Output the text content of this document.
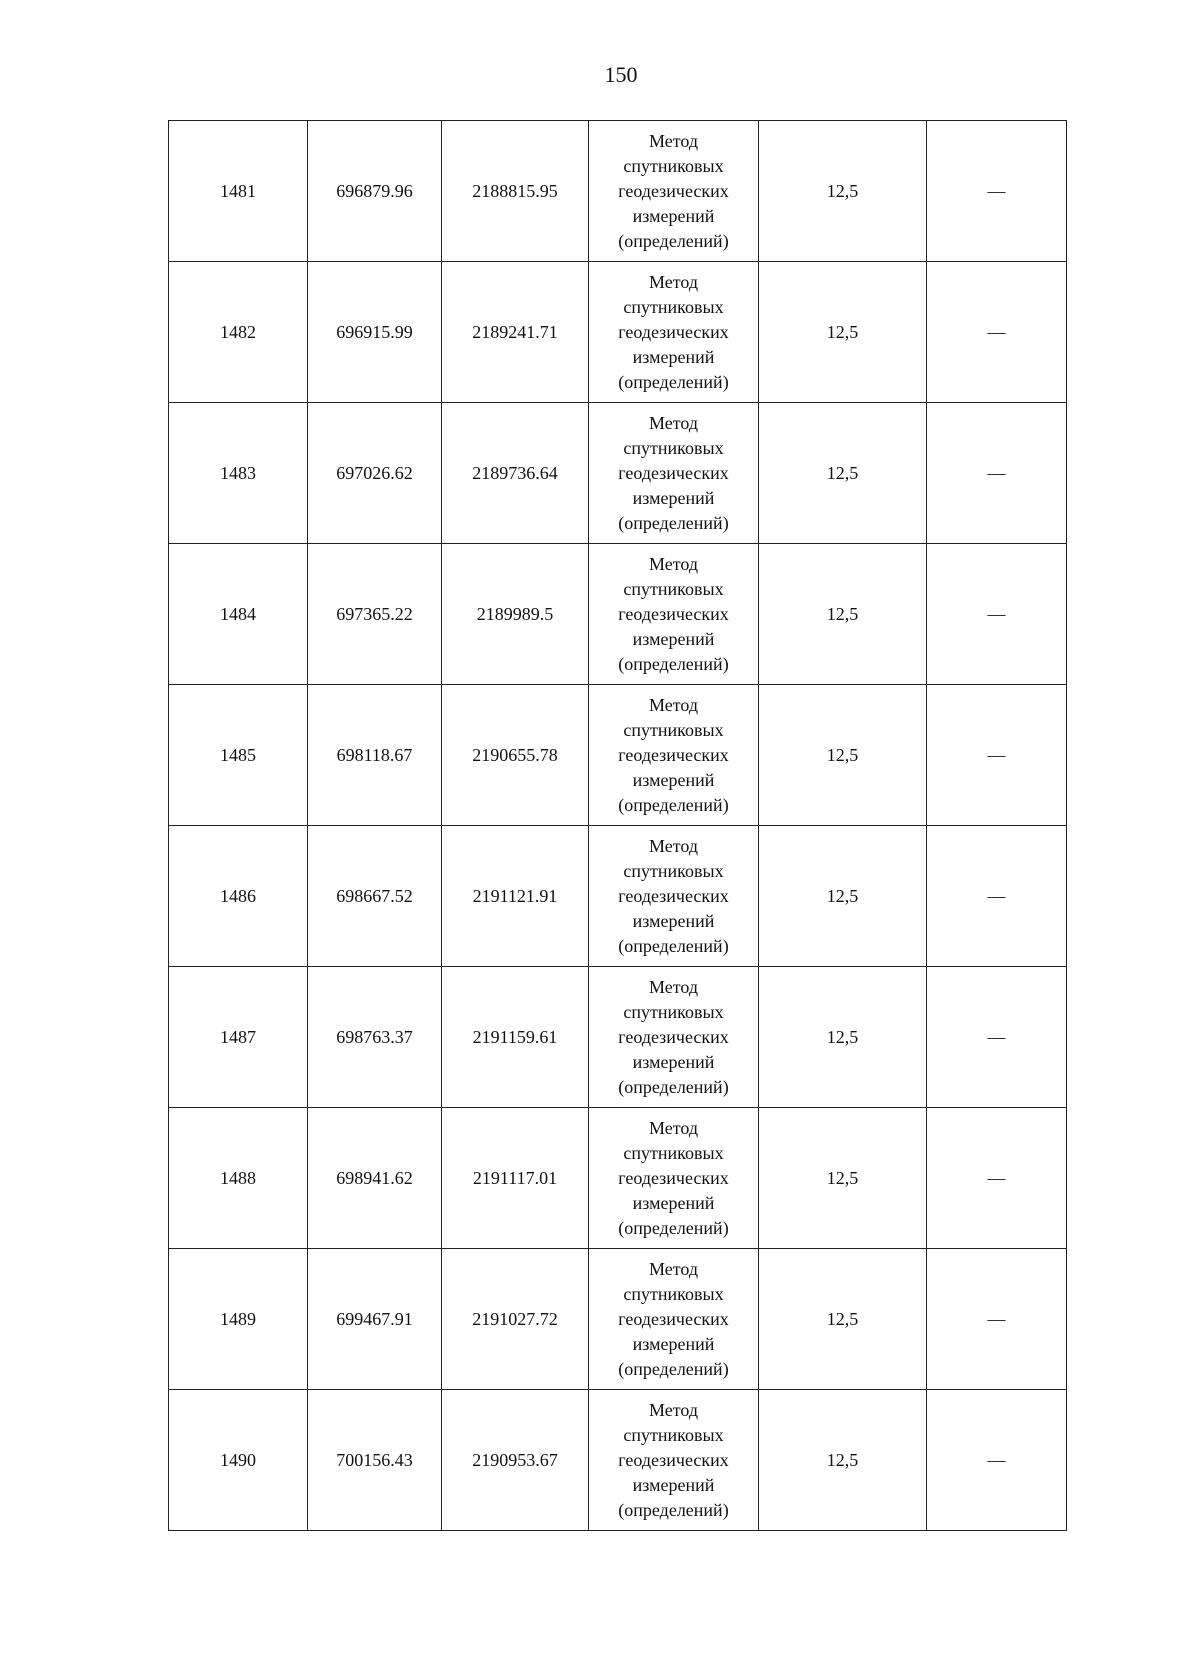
150
1481	696879.96	2188815.95	Метод
спутниковых
геодезических
измерений
(определений)	12,5	—
1482	696915.99	2189241.71	Метод
спутниковых
геодезических
измерений
(определений)	12,5	—
1483	697026.62	2189736.64	Метод
спутниковых
геодезических
измерений
(определений)	12,5	—
1484	697365.22	2189989.5	Метод
спутниковых
геодезических
измерений
(определений)	12,5	—
1485	698118.67	2190655.78	Метод
спутниковых
геодезических
измерений
(определений)	12,5	—
1486	698667.52	2191121.91	Метод
спутниковых
геодезических
измерений
(определений)	12,5	—
1487	698763.37	2191159.61	Метод
спутниковых
геодезических
измерений
(определений)	12,5	—
1488	698941.62	2191117.01	Метод
спутниковых
геодезических
измерений
(определений)	12,5	—
1489	699467.91	2191027.72	Метод
спутниковых
геодезических
измерений
(определений)	12,5	—
1490	700156.43	2190953.67	Метод
спутниковых
геодезических
измерений
(определений)	12,5	—
